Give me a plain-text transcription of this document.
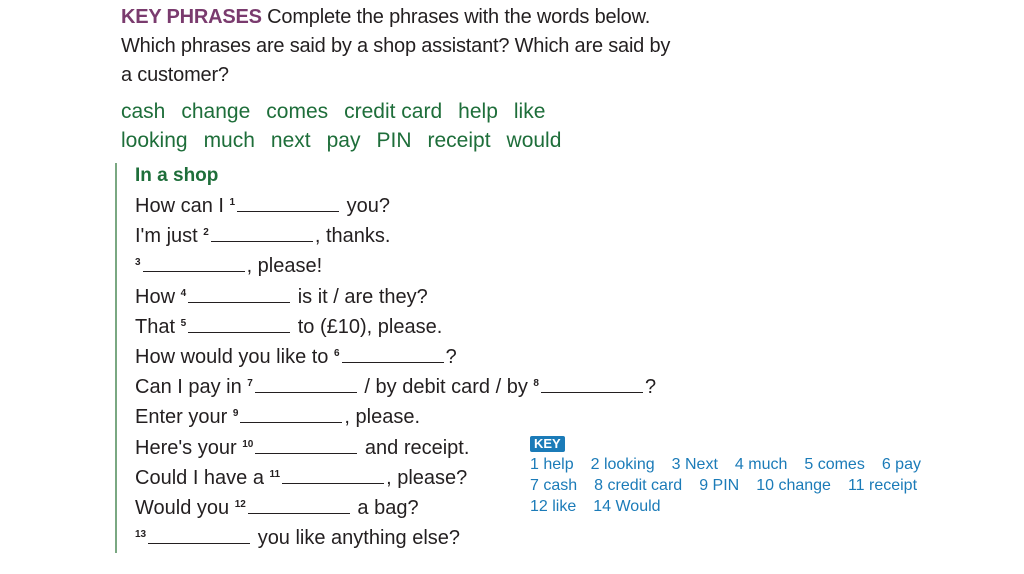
KEY PHRASES Complete the phrases with the words below. Which phrases are said by a shop assistant? Which are said by a customer?
cash change comes credit card help like
looking much next pay PIN receipt would
In a shop
How can I $^1$	you?
I'm just $^2$	, thanks.
$^3$	, please!
How $^4$	is it / are they?
That $^5$	to (£10), please.
How would you like to $^6$	?
Can I pay in $^7$	/ by debit card / by $^8$	?
Enter your $^9$	, please.
Here's your $^{10}$	and receipt.
Could I have a $^{11}$	, please?
Would you $^{12}$	a bag?
$^{13}$	you like anything else?
KEY
1 help 2 looking 3 Next 4 much 5 comes 6 pay
7 cash 8 credit card 9 PIN 10 change 11 receipt
12 like 14 Would
